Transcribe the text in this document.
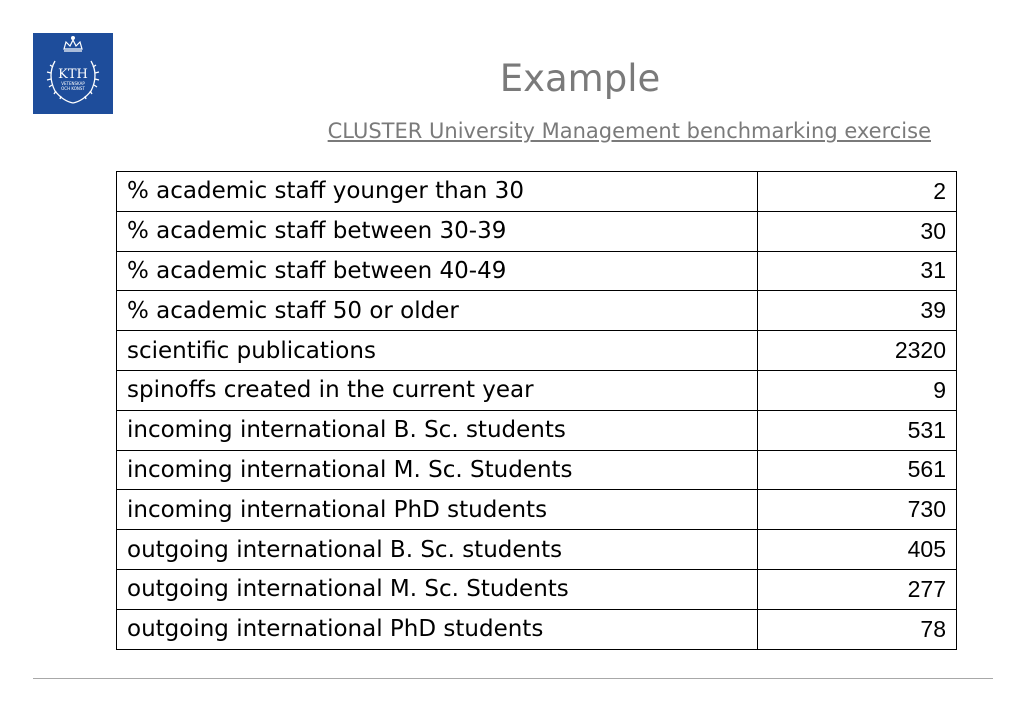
KTH
VETENSKAP
OCH KONST	Example
CLUSTER University Management benchmarking exercise
% academic staff younger than 30	2
% academic staff between 30-39	30
% academic staff between 40-49	31
% academic staff 50 or older	39
scientific publications	2320
spinoffs created in the current year	9
incoming international B. Sc. students	531
incoming international M. Sc. Students	561
incoming international PhD students	730
outgoing international B. Sc. students	405
outgoing international M. Sc. Students	277
outgoing international PhD students	78
